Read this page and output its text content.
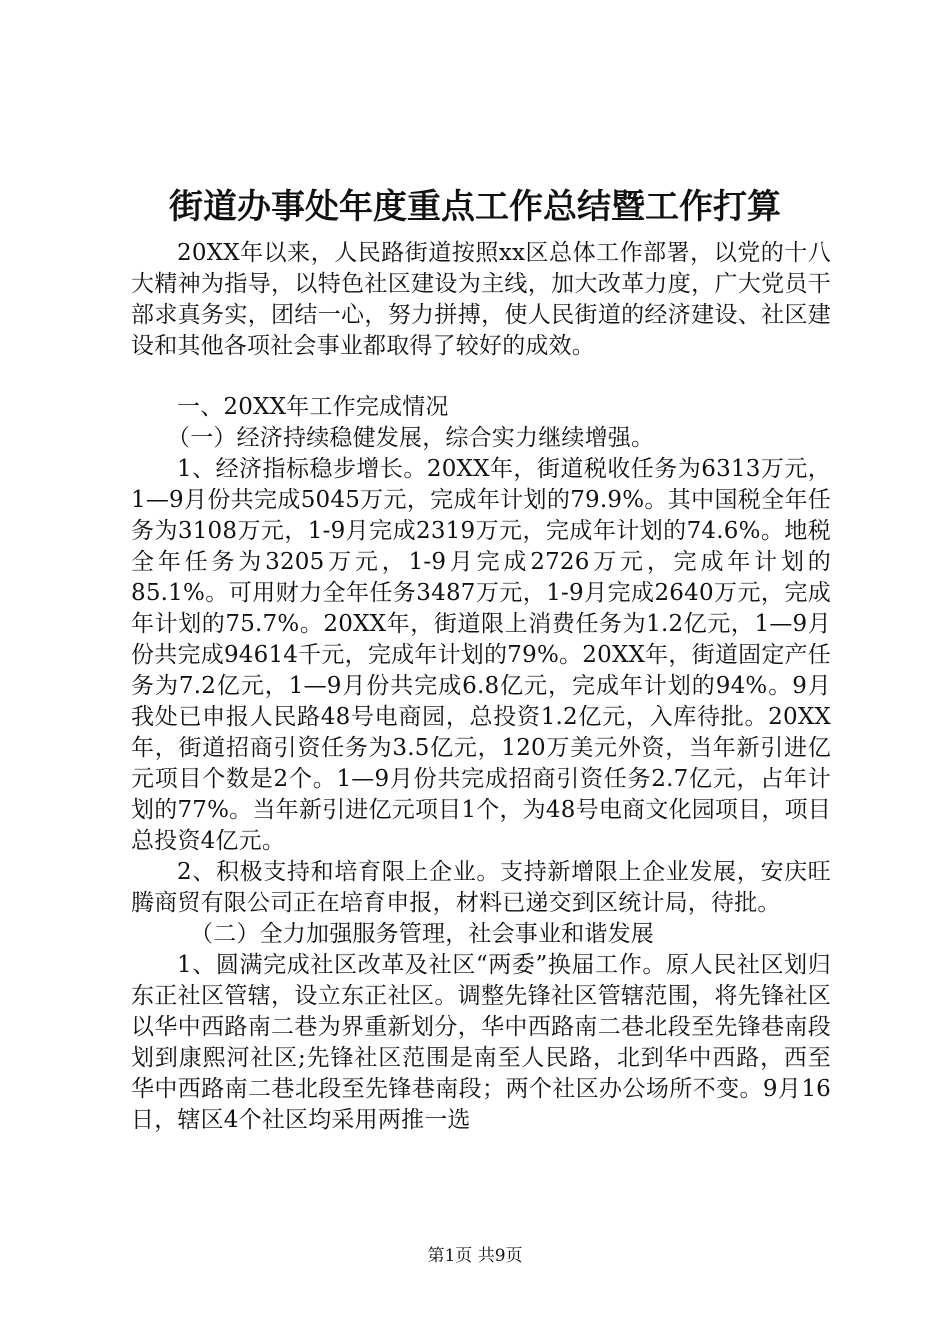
街道办事处年度重点工作总结暨工作打算

20XX年以来，人民路街道按照xx区总体工作部署，以党的十八大精神为指导，以特色社区建设为主线，加大改革力度，广大党员干部求真务实，团结一心，努力拼搏，使人民街道的经济建设、社区建设和其他各项社会事业都取得了较好的成效。

一、20XX年工作完成情况

（一）经济持续稳健发展，综合实力继续增强。

1、经济指标稳步增长。20XX年，街道税收任务为6313万元，1—9月份共完成5045万元，完成年计划的79.9%。其中国税全年任务为3108万元，1-9月完成2319万元，完成年计划的74.6%。地税全年任务为3205万元，1-9月完成2726万元，完成年计划的85.1%。可用财力全年任务3487万元，1-9月完成2640万元，完成年计划的75.7%。20XX年，街道限上消费任务为1.2亿元，1—9月份共完成94614千元，完成年计划的79%。20XX年，街道固定产任务为7.2亿元，1—9月份共完成6.8亿元，完成年计划的94%。9月我处已申报人民路48号电商园，总投资1.2亿元，入库待批。20XX年，街道招商引资任务为3.5亿元，120万美元外资，当年新引进亿元项目个数是2个。1—9月份共完成招商引资任务2.7亿元，占年计划的77%。当年新引进亿元项目1个，为48号电商文化园项目，项目总投资4亿元。

2、积极支持和培育限上企业。支持新增限上企业发展，安庆旺腾商贸有限公司正在培育申报，材料已递交到区统计局，待批。

（二）全力加强服务管理，社会事业和谐发展

1、圆满完成社区改革及社区“两委”换届工作。原人民社区划归东正社区管辖，设立东正社区。调整先锋社区管辖范围，将先锋社区以华中西路南二巷为界重新划分，华中西路南二巷北段至先锋巷南段划到康熙河社区;先锋社区范围是南至人民路，北到华中西路，西至华中西路南二巷北段至先锋巷南段；两个社区办公场所不变。9月16日，辖区4个社区均采用两推一选

第1页 共9页
